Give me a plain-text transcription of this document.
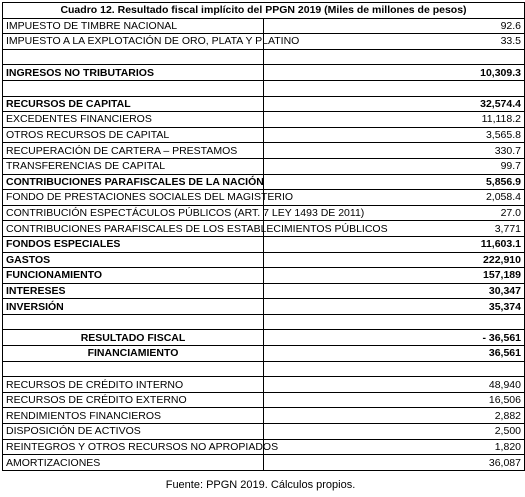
Cuadro 12. Resultado fiscal implícito del PPGN 2019 (Miles de millones de pesos)	
IMPUESTO DE TIMBRE NACIONAL	92.6
IMPUESTO A LA EXPLOTACIÓN DE ORO, PLATA Y PLATINO	33.5

INGRESOS NO TRIBUTARIOS	10,309.3

RECURSOS DE CAPITAL	32,574.4
EXCEDENTES FINANCIEROS	11,118.2
OTROS RECURSOS DE CAPITAL	3,565.8
RECUPERACIÓN DE CARTERA – PRESTAMOS	330.7
TRANSFERENCIAS DE CAPITAL	99.7
CONTRIBUCIONES PARAFISCALES DE LA NACIÓN	5,856.9
FONDO DE PRESTACIONES SOCIALES DEL MAGISTERIO	2,058.4
CONTRIBUCIÓN ESPECTÁCULOS PÚBLICOS (ART. 7 LEY 1493 DE 2011)	27.0
CONTRIBUCIONES PARAFISCALES DE LOS ESTABLECIMIENTOS PÚBLICOS	3,771
FONDOS ESPECIALES	11,603.1
GASTOS	222,910
FUNCIONAMIENTO	157,189
INTERESES	30,347
INVERSIÓN	35,374

RESULTADO FISCAL	- 36,561
FINANCIAMIENTO	36,561

RECURSOS DE CRÉDITO INTERNO	48,940
RECURSOS DE CRÉDITO EXTERNO	16,506
RENDIMIENTOS FINANCIEROS	2,882
DISPOSICIÓN DE ACTIVOS	2,500
REINTEGROS Y OTROS RECURSOS NO APROPIADOS	1,820
AMORTIZACIONES	36,087
Fuente: PPGN 2019. Cálculos propios.
